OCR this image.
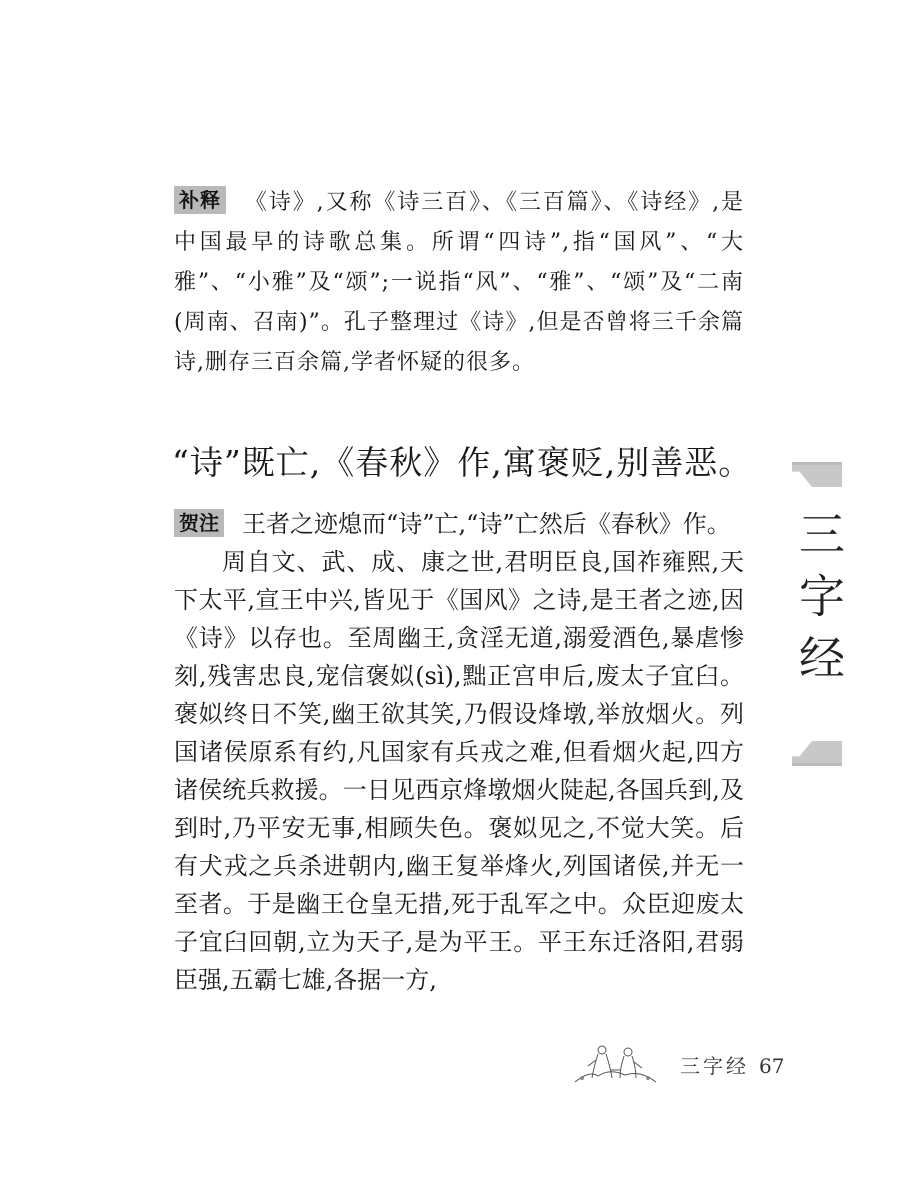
补释 《诗》,又称《诗三百》、《三百篇》、《诗经》,是中国最早的诗歌总集。所谓“四诗”,指“国风”、“大雅”、“小雅”及“颂”;一说指“风”、“雅”、“颂”及“二南(周南、召南)”。孔子整理过《诗》,但是否曾将三千余篇诗,删存三百余篇,学者怀疑的很多。
“诗”既亡,《春秋》作,寓褒贬,别善恶。
贺注 王者之迹熄而“诗”亡,“诗”亡然后《春秋》作。
周自文、武、成、康之世,君明臣良,国祚雍熙,天下太平,宣王中兴,皆见于《国风》之诗,是王者之迹,因《诗》以存也。至周幽王,贪淫无道,溺爱酒色,暴虐惨刻,残害忠良,宠信褒姒(sì),黜正宫申后,废太子宜臼。褒姒终日不笑,幽王欲其笑,乃假设烽墩,举放烟火。列国诸侯原系有约,凡国家有兵戎之难,但看烟火起,四方诸侯统兵救援。一日见西京烽墩烟火陡起,各国兵到,及到时,乃平安无事,相顾失色。褒姒见之,不觉大笑。后有犬戎之兵杀进朝内,幽王复举烽火,列国诸侯,并无一至者。于是幽王仓皇无措,死于乱军之中。众臣迎废太子宜臼回朝,立为天子,是为平王。平王东迁洛阳,君弱臣强,五霸七雄,各据一方,
三字经
三字经 67
